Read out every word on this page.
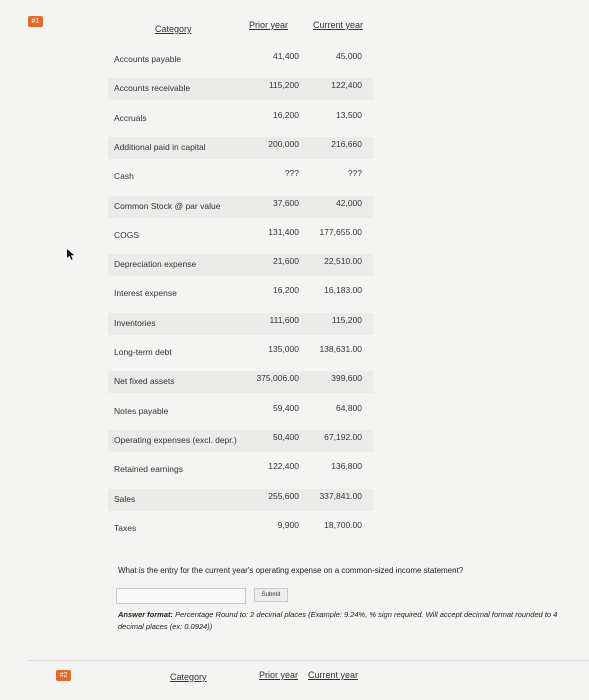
#1
Category	Prior year	Current year
Accounts payable	41,400	45,000
Accounts receivable	115,200	122,400
Accruals	16,200	13,500
Additional paid in capital	200,000	216,660
Cash	???	???
Common Stock @ par value	37,600	42,000
COGS	131,400	177,655.00
Depreciation expense	21,600	22,510.00
Interest expense	16,200	16,183.00
Inventories	111,600	115,200
Long-term debt	135,000	138,631.00
Net fixed assets	375,006.00	399,600
Notes payable	59,400	64,800
Operating expenses (excl. depr.)	50,400	67,192.00
Retained earnings	122,400	136,800
Sales	255,600	337,841.00
Taxes	9,900	18,700.00
What is the entry for the current year's operating expense on a common-sized income statement?
Submit
Answer format: Percentage Round to: 2 decimal places (Example: 9.24%, % sign required. Will accept decimal format rounded to 4 decimal places (ex: 0.0924))
#2	Category	Prior year Current year
